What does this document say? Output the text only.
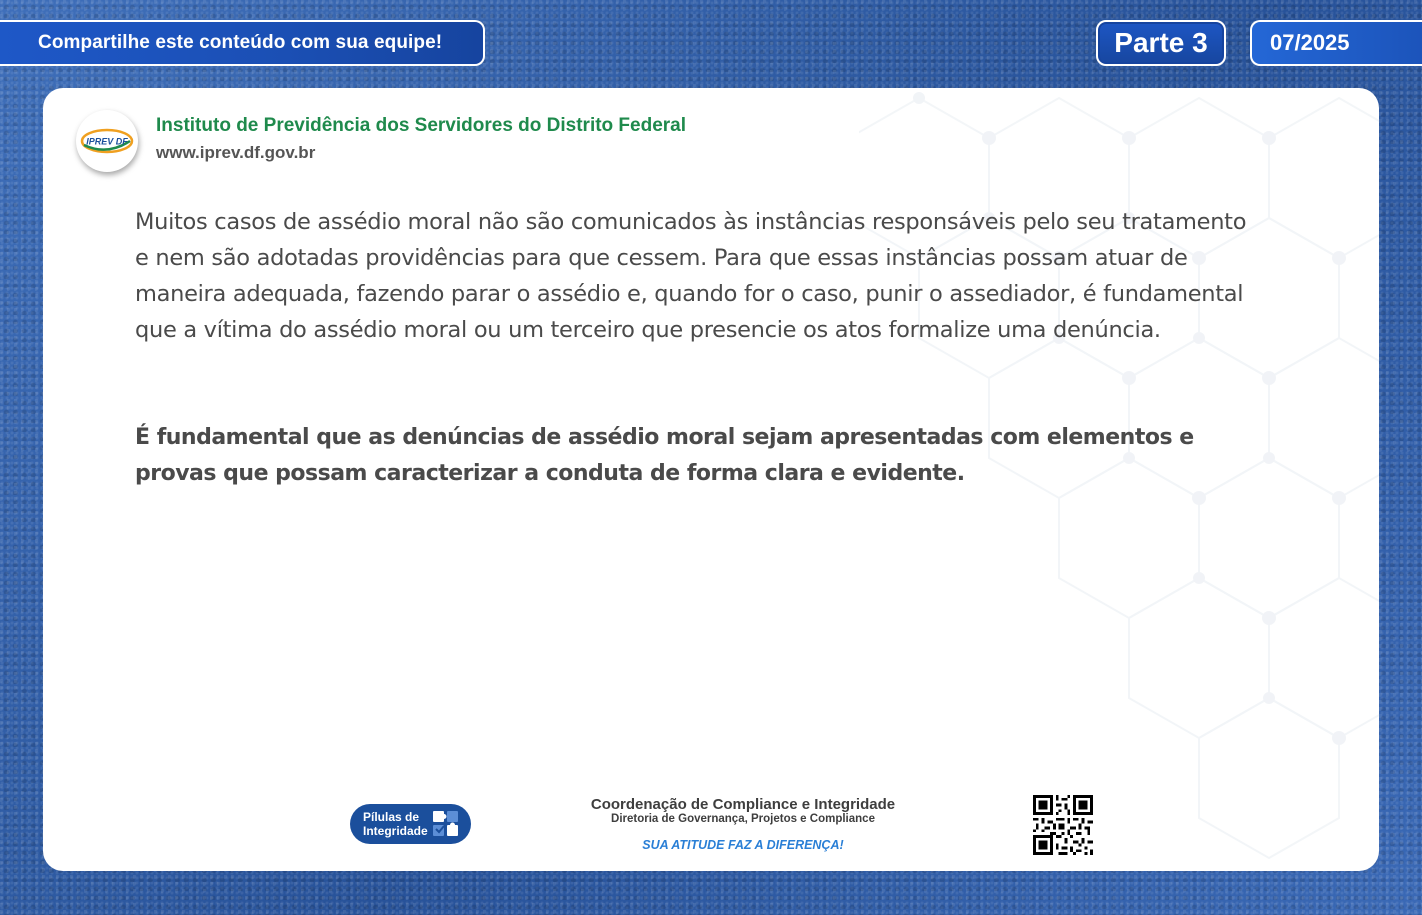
Compartilhe este conteúdo com sua equipe!	Parte 3	07/2025
IPREV DF
Instituto de Previdência dos Servidores do Distrito Federal
www.iprev.df.gov.br

Muitos casos de assédio moral não são comunicados às instâncias responsáveis pelo seu tratamento e nem são adotadas providências para que cessem. Para que essas instâncias possam atuar de maneira adequada, fazendo parar o assédio e, quando for o caso, punir o assediador, é fundamental que a vítima do assédio moral ou um terceiro que presencie os atos formalize uma denúncia.

É fundamental que as denúncias de assédio moral sejam apresentadas com elementos e provas que possam caracterizar a conduta de forma clara e evidente.

Pílulas de Integridade
Coordenação de Compliance e Integridade
Diretoria de Governança, Projetos e Compliance
SUA ATITUDE FAZ A DIFERENÇA!
